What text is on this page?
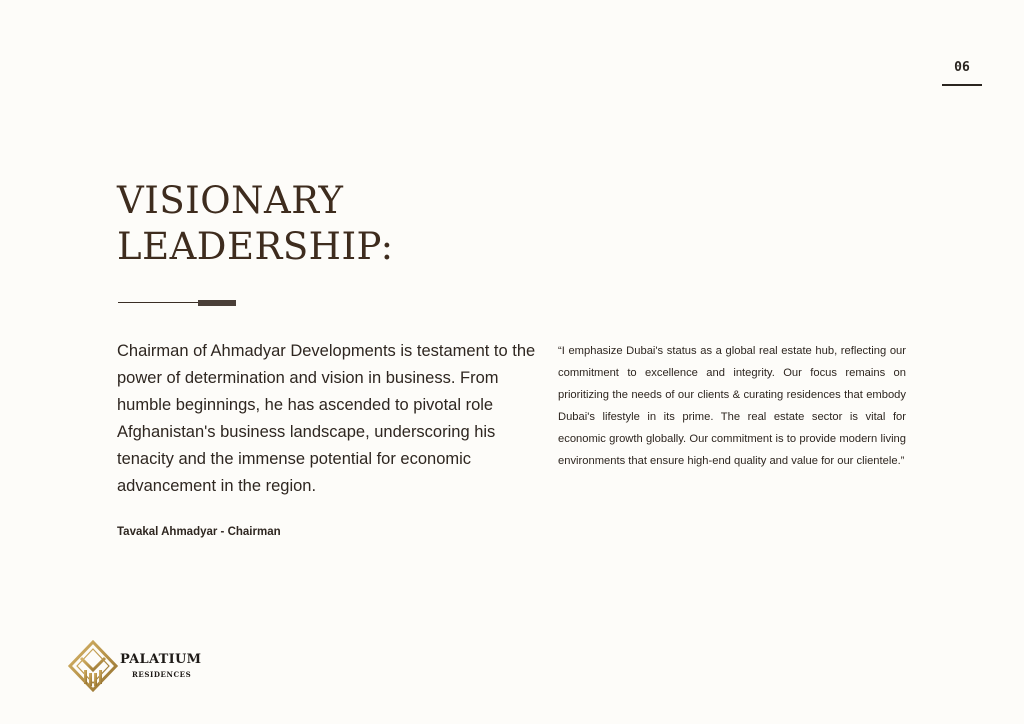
06
VISIONARY
LEADERSHIP:

Chairman of Ahmadyar Developments is testament to the power of determination and vision in business. From humble beginnings, he has ascended to pivotal role Afghanistan's business landscape, underscoring his tenacity and the immense potential for economic advancement in the region.

Tavakal Ahmadyar - Chairman

“I emphasize Dubai's status as a global real estate hub, reflecting our commitment to excellence and integrity. Our focus remains on prioritizing the needs of our clients & curating residences that embody Dubai's lifestyle in its prime. The real estate sector is vital for economic growth globally. Our commitment is to provide modern living environments that ensure high-end quality and value for our clientele.”

PALATIUM
RESIDENCES
